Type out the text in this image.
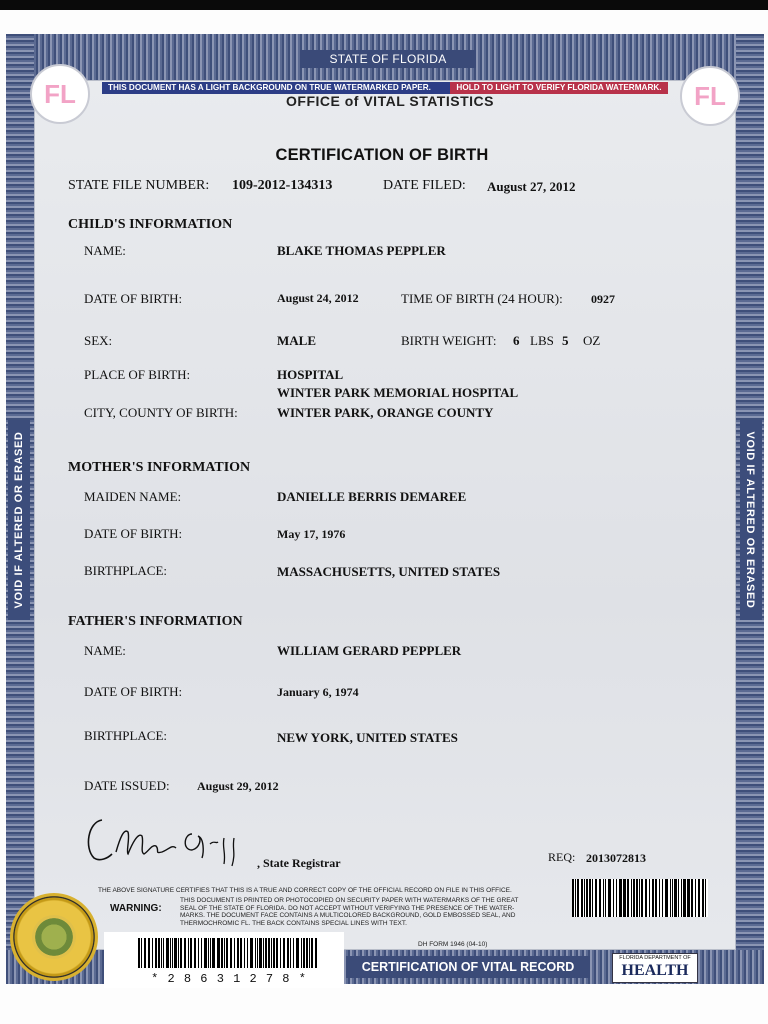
STATE OF FLORIDA
THIS DOCUMENT HAS A LIGHT BACKGROUND ON TRUE WATERMARKED PAPER.	HOLD TO LIGHT TO VERIFY FLORIDA WATERMARK.
OFFICE of VITAL STATISTICS
FL	FL
VOID IF ALTERED OR ERASED	VOID IF ALTERED OR ERASED
CERTIFICATION OF BIRTH
STATE FILE NUMBER: 109-2012-134313	DATE FILED: August 27, 2012
CHILD'S INFORMATION
NAME:	BLAKE THOMAS PEPPLER
DATE OF BIRTH:	August 24, 2012	TIME OF BIRTH (24 HOUR): 0927
SEX:	MALE	BIRTH WEIGHT: 6 LBS 5 OZ
PLACE OF BIRTH:	HOSPITAL
WINTER PARK MEMORIAL HOSPITAL
CITY, COUNTY OF BIRTH:	WINTER PARK, ORANGE COUNTY
MOTHER'S INFORMATION
MAIDEN NAME:	DANIELLE BERRIS DEMAREE
DATE OF BIRTH:	May 17, 1976
BIRTHPLACE:	MASSACHUSETTS, UNITED STATES
FATHER'S INFORMATION
NAME:	WILLIAM GERARD PEPPLER
DATE OF BIRTH:	January 6, 1974
BIRTHPLACE:	NEW YORK, UNITED STATES
DATE ISSUED: August 29, 2012
, State Registrar	REQ: 2013072813
THE ABOVE SIGNATURE CERTIFIES THAT THIS IS A TRUE AND CORRECT COPY OF THE OFFICIAL RECORD ON FILE IN THIS OFFICE.
WARNING:
THIS DOCUMENT IS PRINTED OR PHOTOCOPIED ON SECURITY PAPER WITH WATERMARKS OF THE GREAT
SEAL OF THE STATE OF FLORIDA. DO NOT ACCEPT WITHOUT VERIFYING THE PRESENCE OF THE WATER-
MARKS. THE DOCUMENT FACE CONTAINS A MULTICOLORED BACKGROUND, GOLD EMBOSSED SEAL, AND
THERMOCHROMIC FL. THE BACK CONTAINS SPECIAL LINES WITH TEXT.
DH FORM 1946 (04-10)
* 2 8 6 3 1 2 7 8 *
CERTIFICATION OF VITAL RECORD
FLORIDA DEPARTMENT OF
HEALTH
